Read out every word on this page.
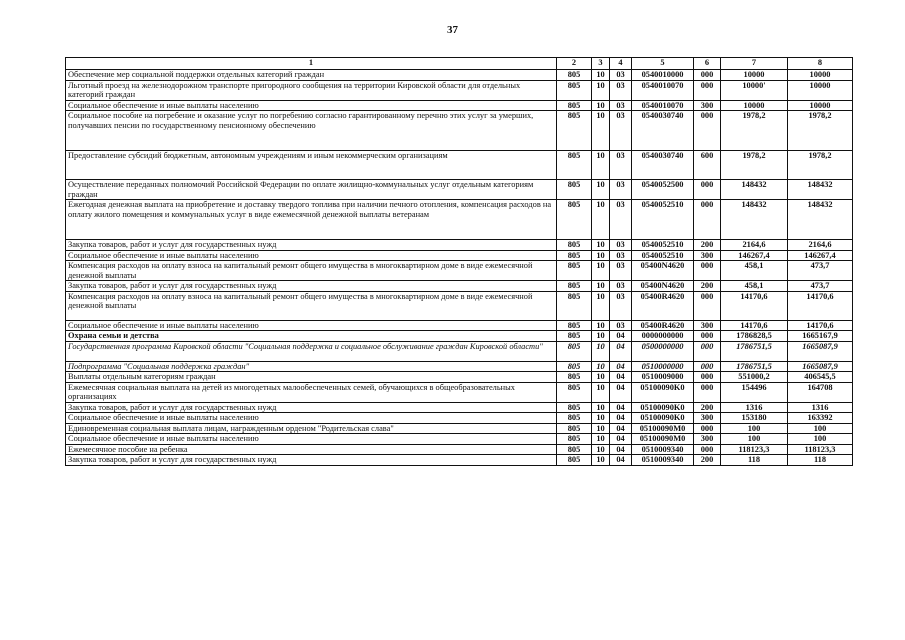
37
1	2	3	4	5	6	7	8
Обеспечение мер социальной поддержки отдельных категорий граждан	805	10	03	0540010000	000	10000	10000
Льготный проезд на железнодорожном транспорте пригородного сообщения на территории Кировской области для отдельных категорий граждан	805	10	03	0540010070	000	10000'	10000
Социальное обеспечение и иные выплаты населению	805	10	03	0540010070	300	10000	10000
Социальное пособие на погребение и оказание услуг по погребению согласно гарантированному перечню этих услуг за умерших, получавших пенсии по государственному пенсионному обеспечению	805	10	03	0540030740	000	1978,2	1978,2
Предоставление субсидий бюджетным, автономным учреждениям и иным некоммерческим организациям	805	10	03	0540030740	600	1978,2	1978,2
Осуществление переданных полномочий Российской Федерации по оплате жилищно-коммунальных услуг отдельным категориям граждан	805	10	03	0540052500	000	148432	148432
Ежегодная денежная выплата на приобретение и доставку твердого топлива при наличии печного отопления, компенсация расходов на оплату жилого помещения и коммунальных услуг в виде ежемесячной денежной выплаты ветеранам	805	10	03	0540052510	000	148432	148432
Закупка товаров, работ и услуг для государственных нужд	805	10	03	0540052510	200	2164,6	2164,6
Социальное обеспечение и иные выплаты населению	805	10	03	0540052510	300	146267,4	146267,4
Компенсация расходов на оплату взноса на капитальный ремонт общего имущества в многоквартирном доме в виде ежемесячной денежной выплаты	805	10	03	05400N4620	000	458,1	473,7
Закупка товаров, работ и услуг для государственных нужд	805	10	03	05400N4620	200	458,1	473,7
Компенсация расходов на оплату взноса на капитальный ремонт общего имущества в многоквартирном доме в виде ежемесячной денежной выплаты	805	10	03	05400R4620	000	14170,6	14170,6
Социальное обеспечение и иные выплаты населению	805	10	03	05400R4620	300	14170,6	14170,6
Охрана семьи и детства	805	10	04	0000000000	000	1786828,5	1665167,9
Государственная программа Кировской области "Социальная поддержка и социальное обслуживание граждан Кировской области"	805	10	04	0500000000	000	1786751,5	1665087,9
Подпрограмма "Социальная поддержка граждан"	805	10	04	0510000000	000	1786751,5	1665087,9
Выплаты отдельным категориям граждан	805	10	04	0510009000	000	551000,2	406545,5
Ежемесячная социальная выплата на детей из многодетных малообеспеченных семей, обучающихся в общеобразовательных организациях	805	10	04	05100090K0	000	154496	164708
Закупка товаров, работ и услуг для государственных нужд	805	10	04	05100090K0	200	1316	1316
Социальное обеспечение и иные выплаты населению	805	10	04	05100090K0	300	153180	163392
Единовременная социальная выплата лицам, награжденным орденом "Родительская слава"	805	10	04	05100090M0	000	100	100
Социальное обеспечение и иные выплаты населению	805	10	04	05100090M0	300	100	100
Ежемесячное пособие на ребенка	805	10	04	0510009340	000	118123,3	118123,3
Закупка товаров, работ и услуг для государственных нужд	805	10	04	0510009340	200	118	118
